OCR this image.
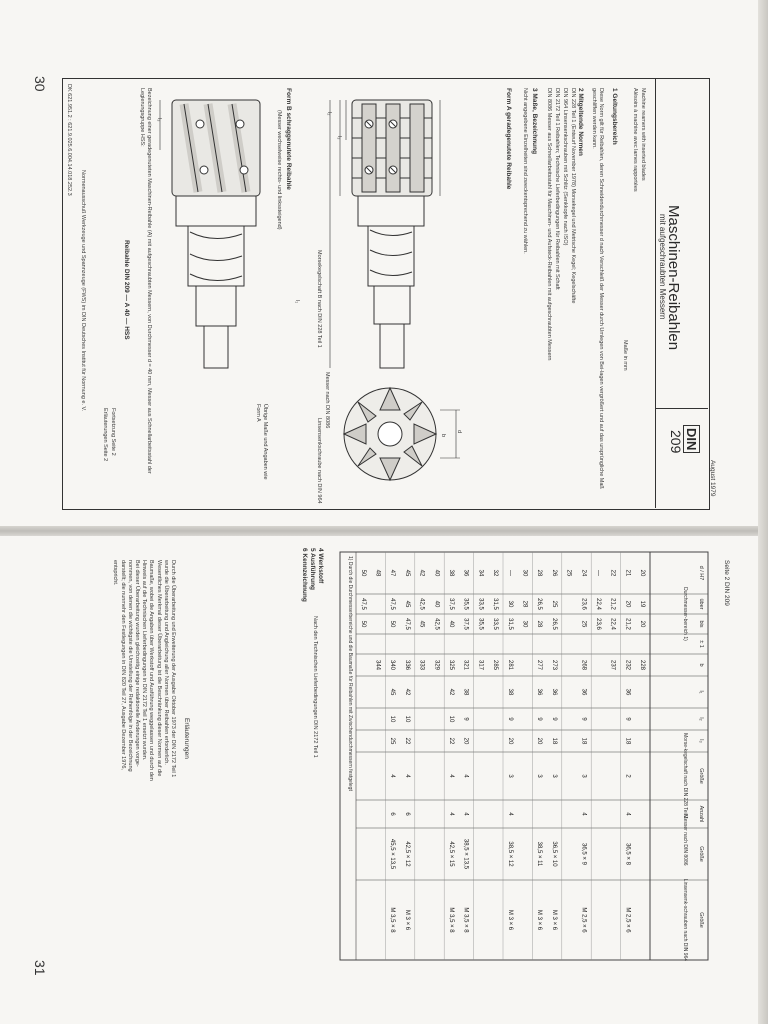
30
31
DK 621.951.2 : 621.9.025.6.004.14.018.252.3
August 1979
Maschinen-Reibahlen
mit aufgeschraubten Messern
DIN
209
Machine reamers with inserted blades
Alésoirs à machine avec lames rapportées
Maße in mm
1 Geltungsbereich
Diese Norm gilt für Reibahlen, deren Schneidendurchmesser d nach Verschleiß der Messer durch Umlegen von Bei-lagen vergrößert und auf das ursprüngliche Maß geschliffen werden kann.
2 Mitgeltende Normen
DIN 228 Teil 1 (Entwurf November 1978) Morsekegel und Metrische Kegel; Kegelschäfte
DIN 964 Linsensenkschrauben mit Schlitz (Senkkopfe nach ISO)
DIN 2172 Teil 1 Reibahlen; Technische Lieferbedingungen für Reibahlen mit Schaft
DIN 8086 Messer aus Schnellarbeitsstahl für Maschinen- und Aufsteck-Reibahlen mit aufgeschraubten Messern
3 Maße, Bezeichnung
Nicht angegebene Einzelheiten sind zweckentsprechend zu wählen.
Form A geradegenutete Reibahle
l₂
l₃
d
b
l₁	Morsekegelschaft B nach DIN 228 Teil 1
Messer nach DIN 8086
Linsensenkschraube nach DIN 964
Form B schraggenutete Reibahle
(Messer wechselweise rechts- und linkssteigend)
l₃
Übrige Maße und Angaben wie Form A
Bezeichnung einer geradegenuteten Maschinen-Reibahle (A) mit aufgeschraubten Messern, von Durchmesser d = 40 mm, Messer aus Schnellarbeitsstahl der Legierungsgruppe HSS:
Reibahle DIN 209 — A 40 — HSS
Fortsetzung Seite 2
Erläuterungen Seite 2
Normenausschuß Werkzeuge und Spannzeuge (FWS) im DIN Deutsches Institut für Normung e. V.
Seite 2 DIN 209
d / H7
über
bis
± 1
b
l₁
l₂
l₃
Größe
Anzahl
Größe
Größe
Durchmesser-bereich 1)
Morse-kegelschaft nach DIN 228 Teil 1
Messer nach DIN 8086
Linsensenk-schrauben nach DIN 964
20
19
20
228
21
20
21,2
232
36
9
18
2
4
36,5 × 8
M 2,5 × 6
22
21,2
22,4
237
—
22,4
23,6
24
23,6
25
268
36
9
18
3
4
36,5 × 9
M 2,5 × 6
25
26
25
26,5
273
36
9
18
3
36,5 × 10
M 3 × 6
28
26,5
28
277
36
9
20
3
38,5 × 11
M 3 × 6
30
28
30
—
30
31,5
281
38
9
20
3
4
38,5 × 12
M 3 × 6
32
31,5
33,5
285
34
33,5
35,5
317
36
35,5
37,5
321
38
9
20
4
4
38,5 × 13,5
M 3,5 × 8
38
37,5
40
325
42
10
22
4
4
42,5 × 15
M 3,5 × 8
40
40
42,5
329
42
42,5
45
333
45
45
47,5
336
42
10
22
4
6
42,5 × 12
M 3 × 6
47
47,5
50
340
45
10
25
4
6
45,5 × 13,5
M 3,5 × 8
48
344
50
47,5
50
1) Durch die Durchmesserbereiche und die Baumaße für Reibahlen mit Zwischendurchmessern festgelegt
4 Werkstoff
5 Ausführung
6 Kennzeichnung
Nach den Technischen Lieferbedingungen DIN 2172 Teil 1
Erläuterungen
Durch die Überarbeitung und Erweiterung der Ausgabe Oktober 1973 der DIN 2172 Teil 1
wurde die Überarbeitung und Angleichung aller Normen über Reibahlen erforderlich.
Wesentliches Merkmal dieser Überarbeitung ist die Beschränkung dieser Normen auf die
Baumaße, wobei die Angaben über Werkstoff und Ausführung weggelassen und durch den
Hinweis auf die Technischen Lieferbedingungen in DIN 2172 Teil 1 ersetzt wurden.
Bei dieser Überarbeitung wurden gleichzeitig einige redaktionelle Änderungen vorge-
nommen, von denen die wichtigste die Umstellung der Reihenfolge in der Bezeichnung
darstellt; die nunmehr den Festlegungen in DIN 820 Teil 27, Ausgabe Dezember 1976,
entspricht.
